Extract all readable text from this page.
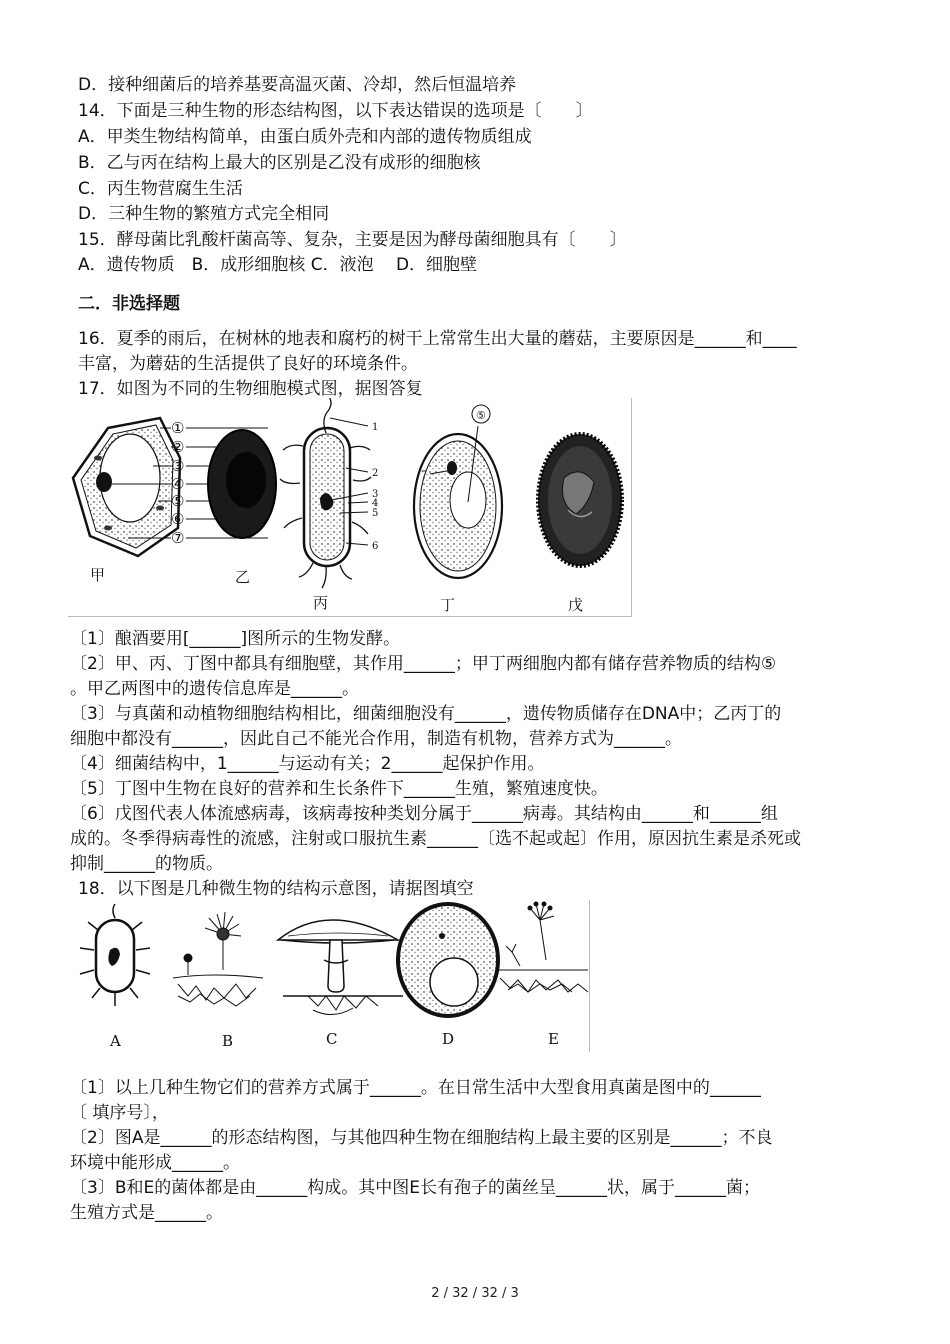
D．接种细菌后的培养基要高温灭菌、冷却，然后恒温培养
14．下面是三种生物的形态结构图，以下表达错误的选项是〔　　〕
A．甲类生物结构简单，由蛋白质外壳和内部的遗传物质组成
B．乙与丙在结构上最大的区别是乙没有成形的细胞核
C．丙生物营腐生生活
D．三种生物的繁殖方式完全相同
15．酵母菌比乳酸杆菌高等、复杂，主要是因为酵母菌细胞具有〔　　〕
A．遗传物质　B．成形细胞核 C．液泡　 D．细胞壁
二．非选择题
16．夏季的雨后，在树林的地表和腐朽的树干上常常生出大量的蘑菇，主要原因是______和____
丰富，为蘑菇的生活提供了良好的环境条件。
17．如图为不同的生物细胞模式图，据图答复
①
②
③
④
⑤
⑥
⑦
1
2
3
4
5
6
⑤
7
甲	乙
丙	丁	戊
〔1〕酿酒要用[______]图所示的生物发酵。
〔2〕甲、丙、丁图中都具有细胞壁，其作用______；甲丁两细胞内都有储存营养物质的结构⑤
。甲乙两图中的遗传信息库是______。
〔3〕与真菌和动植物细胞结构相比，细菌细胞没有______，遗传物质储存在DNA中；乙丙丁的
细胞中都没有______，因此自己不能光合作用，制造有机物，营养方式为______。
〔4〕细菌结构中，1______与运动有关；2______起保护作用。
〔5〕丁图中生物在良好的营养和生长条件下______生殖，繁殖速度快。
〔6〕戊图代表人体流感病毒，该病毒按种类划分属于______病毒。其结构由______和______组
成的。冬季得病毒性的流感，注射或口服抗生素______〔选不起或起〕作用，原因抗生素是杀死或
抑制______的物质。
18．以下图是几种微生物的结构示意图，请据图填空
A	B	C	D	E
〔1〕以上几种生物它们的营养方式属于______。在日常生活中大型食用真菌是图中的______
〔 填序号〕，
〔2〕图A是______的形态结构图，与其他四种生物在细胞结构上最主要的区别是______；不良
环境中能形成______。
〔3〕B和E的菌体都是由______构成。其中图E长有孢子的菌丝呈______状，属于______菌；
生殖方式是______。
2 / 32 / 32 / 3
